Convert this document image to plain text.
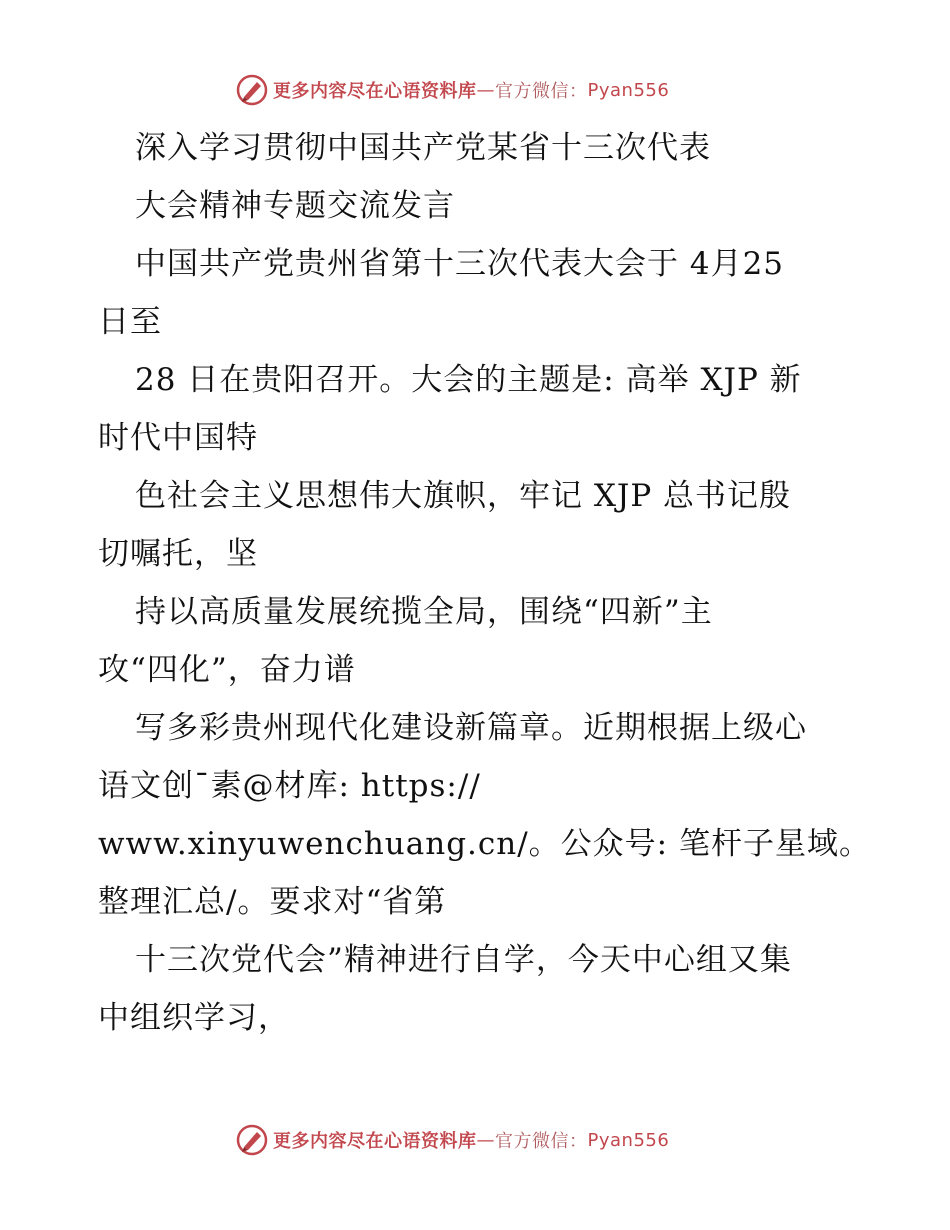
更多内容尽在心语资料库 — 官方微信： Pyan556
深入学习贯彻中国共产党某省十三次代表
大会精神专题交流发言
中国共产党贵州省第十三次代表大会于 4月25
日至
28 日在贵阳召开。大会的主题是: 高举 XJP 新
时代中国特
色社会主义思想伟大旗帜，牢记 XJP 总书记殷
切嘱托，坚
持以高质量发展统揽全局，围绕“四新”主
攻“四化”，奋力谱
写多彩贵州现代化建设新篇章。近期根据上级心
语文创¯素@材库: https://
www.xinyuwenchuang.cn/。公众号: 笔杆子星域。
整理汇总/。要求对“省第
十三次党代会”精神进行自学，今天中心组又集
中组织学习，
更多内容尽在心语资料库 — 官方微信： Pyan556
